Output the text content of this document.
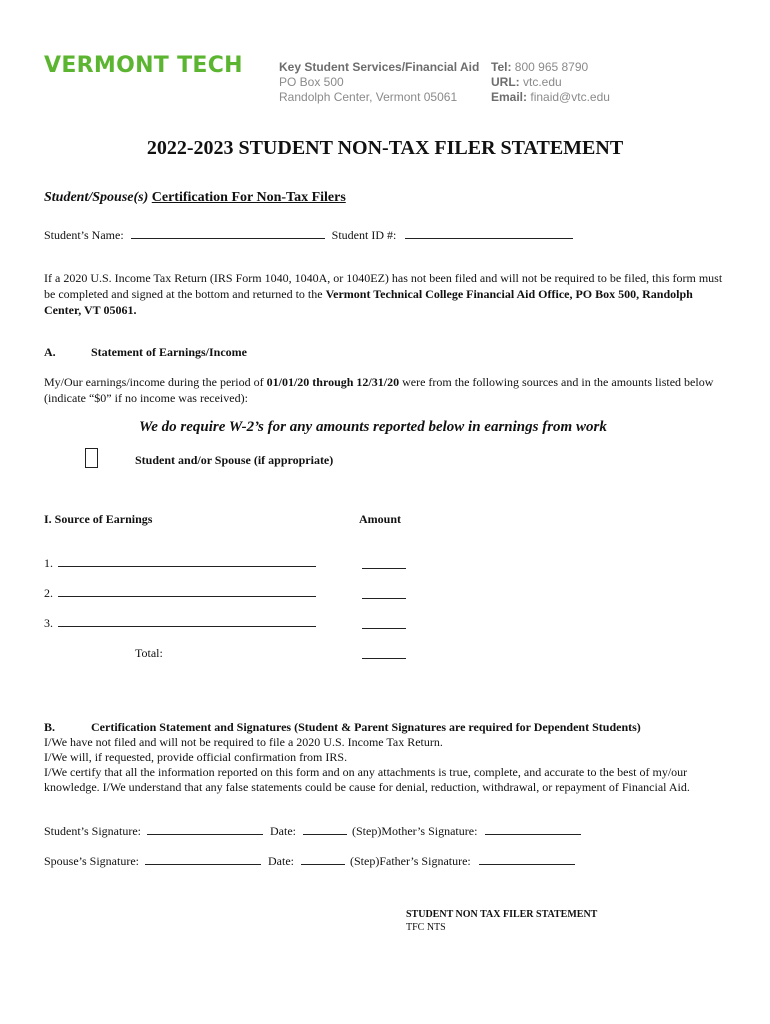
VERMONT TECH	Key Student Services/Financial Aid
PO Box 500
Randolph Center, Vermont 05061
Tel: 800 965 8790
URL: vtc.edu
Email: finaid@vtc.edu
2022-2023 STUDENT NON-TAX FILER STATEMENT
Student/Spouse(s) Certification For Non-Tax Filers
Student’s Name:	Student ID #:
If a 2020 U.S. Income Tax Return (IRS Form 1040, 1040A, or 1040EZ) has not been filed and will not be required to be filed, this form must be completed and signed at the bottom and returned to the Vermont Technical College Financial Aid Office, PO Box 500, Randolph Center, VT 05061.
A.	Statement of Earnings/Income
My/Our earnings/income during the period of 01/01/20 through 12/31/20 were from the following sources and in the amounts listed below (indicate “$0” if no income was received):
We do require W-2’s for any amounts reported below in earnings from work
Student and/or Spouse (if appropriate)
I. Source of Earnings	Amount
1.
2.
3.
Total:
B.	Certification Statement and Signatures (Student & Parent Signatures are required for Dependent Students)
I/We have not filed and will not be required to file a 2020 U.S. Income Tax Return.
I/We will, if requested, provide official confirmation from IRS.
I/We certify that all the information reported on this form and on any attachments is true, complete, and accurate to the best of my/our knowledge. I/We understand that any false statements could be cause for denial, reduction, withdrawal, or repayment of Financial Aid.
Student’s Signature:	Date:	(Step)Mother’s Signature:
Spouse’s Signature:	Date:	(Step)Father’s Signature:
STUDENT NON TAX FILER STATEMENT
TFC NTS
